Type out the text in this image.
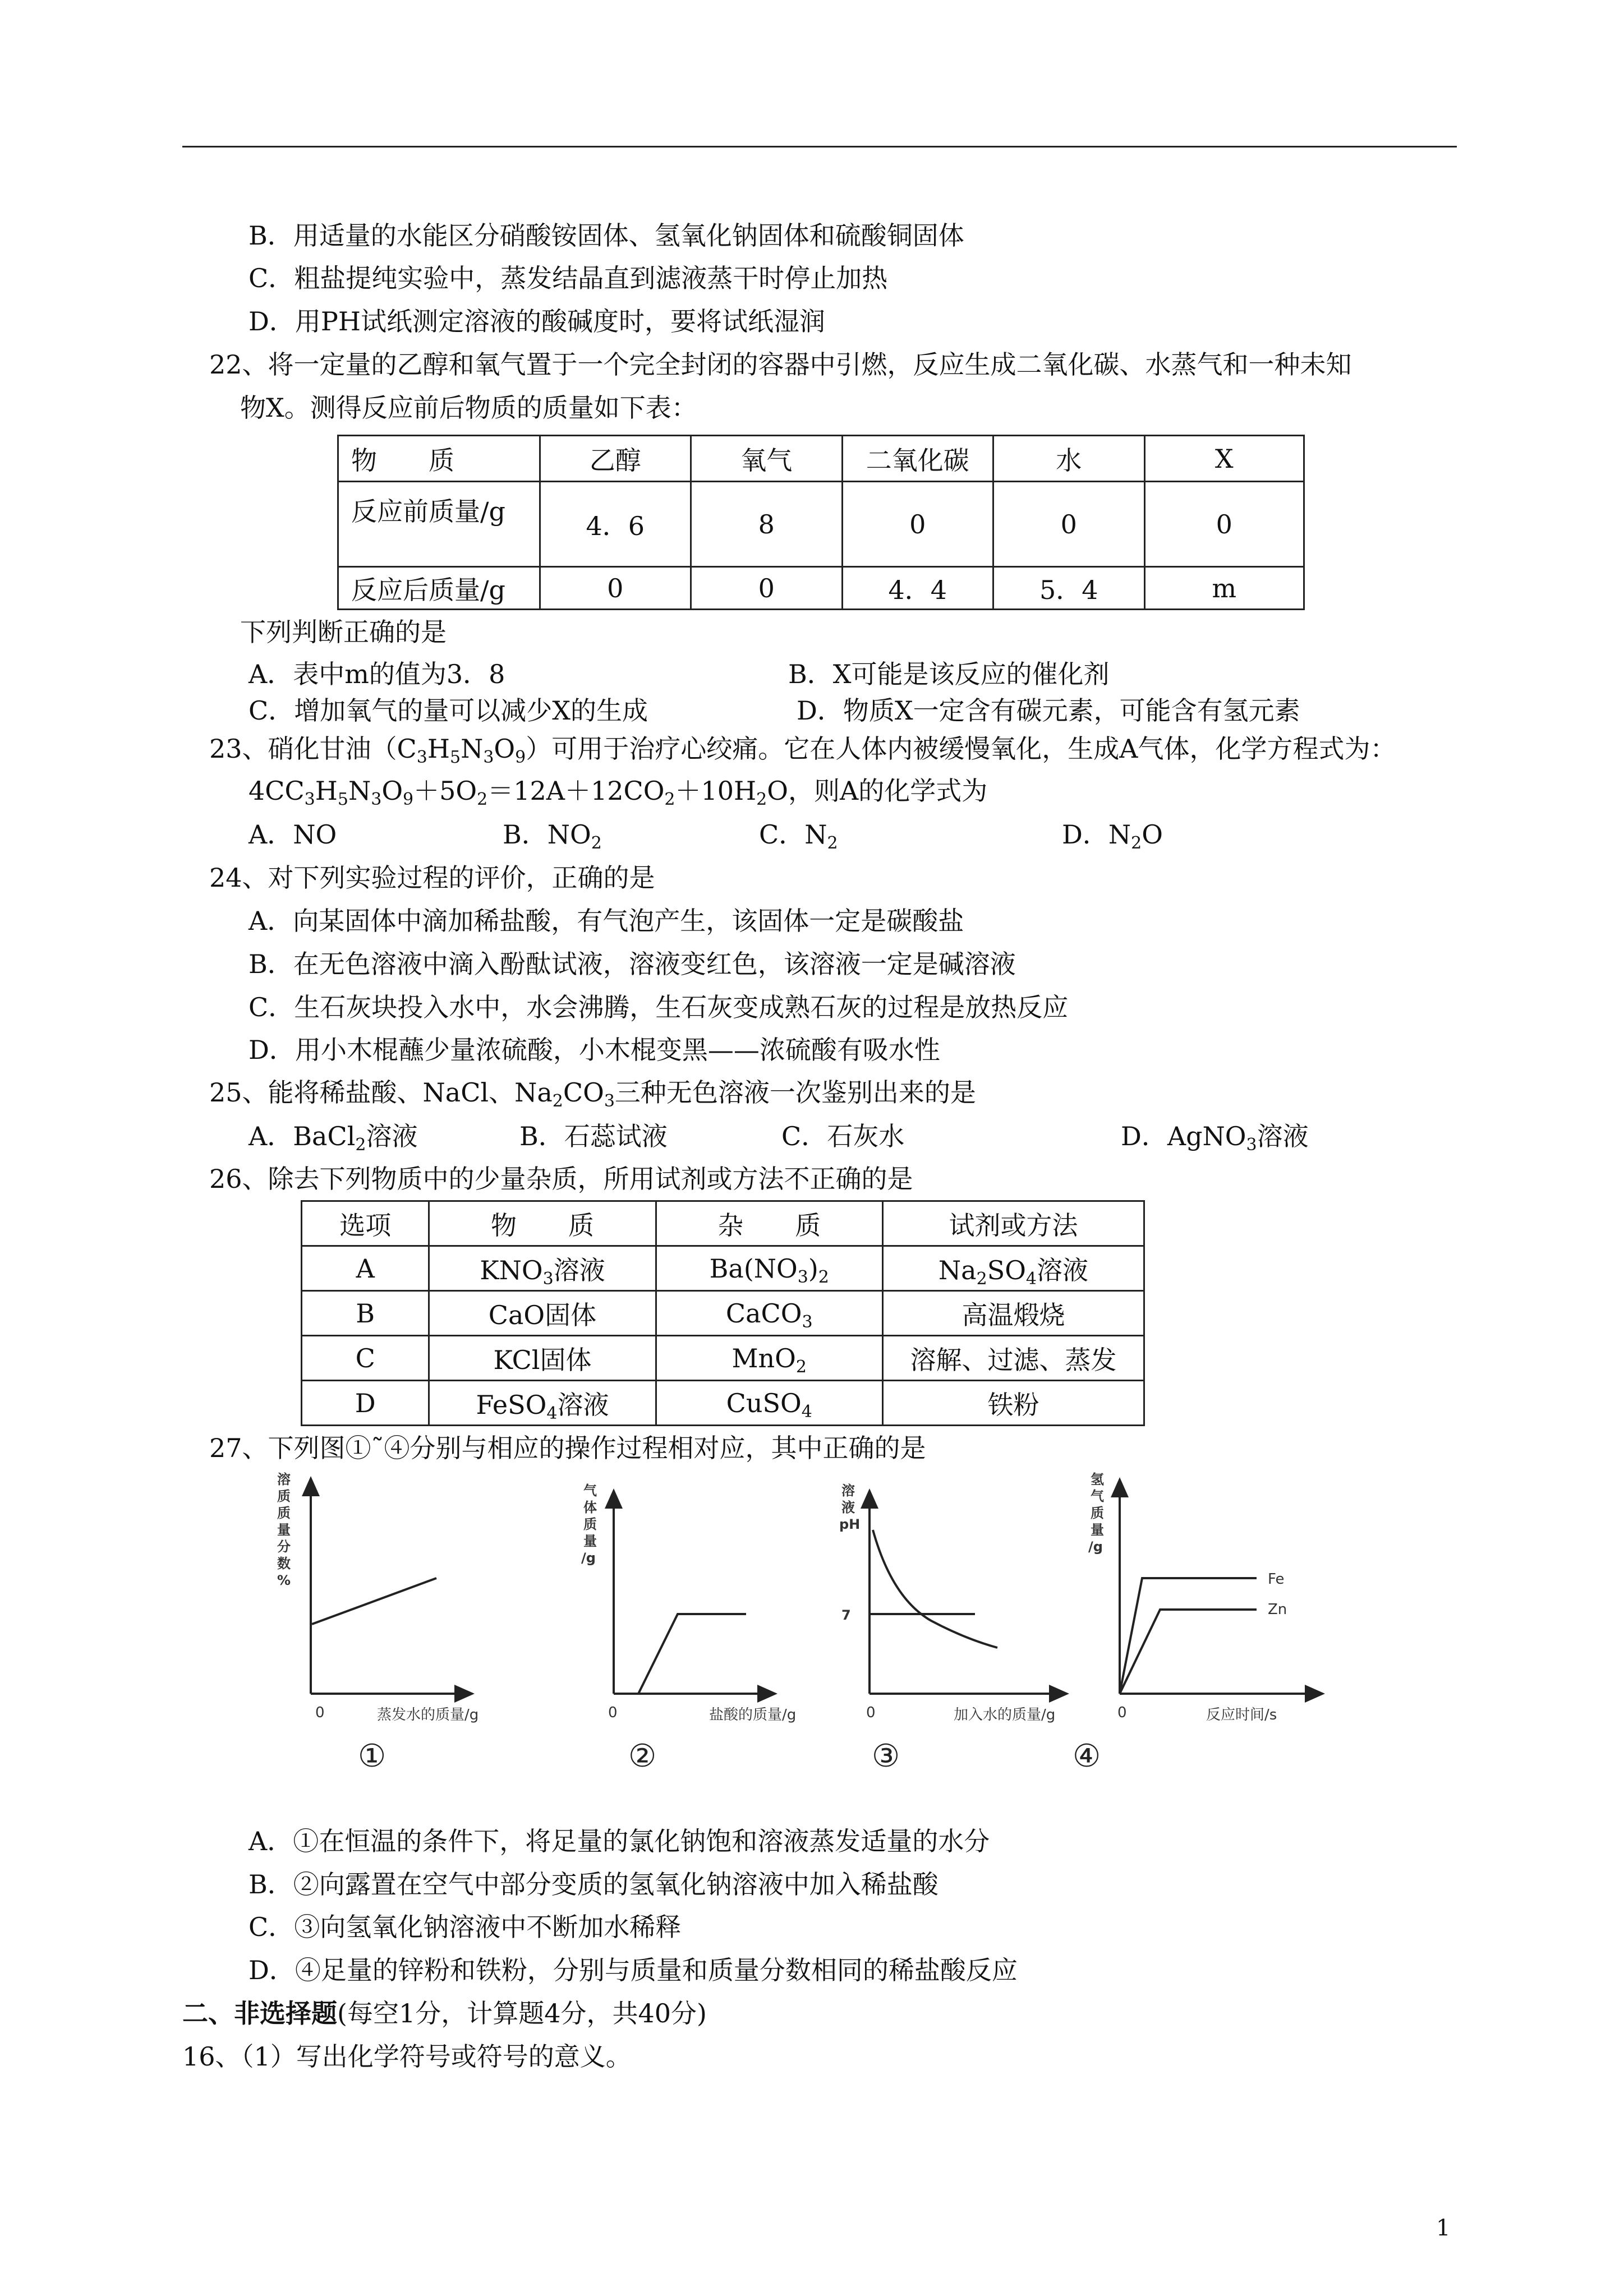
B．用适量的水能区分硝酸铵固体、氢氧化钠固体和硫酸铜固体
C．粗盐提纯实验中，蒸发结晶直到滤液蒸干时停止加热
D．用PH试纸测定溶液的酸碱度时，要将试纸湿润
22、将一定量的乙醇和氧气置于一个完全封闭的容器中引燃，反应生成二氧化碳、水蒸气和一种未知
物X。测得反应前后物质的质量如下表：
物　　质	乙醇	氧气	二氧化碳	水	X
反应前质量/g	4．6	8	0	0	0
反应后质量/g	0	0	4．4	5．4	m
下列判断正确的是
A．表中m的值为3．8	B．X可能是该反应的催化剂
C．增加氧气的量可以减少X的生成	D．物质X一定含有碳元素，可能含有氢元素
23、硝化甘油$(C_3H_5N_3O_9)$可用于治疗心绞痛。它在人体内被缓慢氧化，生成A气体，化学方程式为：
$4CC_3H_5N_3O_9+5O_2=12A+12CO_2+10H_2O$，则A的化学式为
A．NO	B．$NO_2$	C．$N_2$	D．$N_2O$
24、对下列实验过程的评价，正确的是
A．向某固体中滴加稀盐酸，有气泡产生，该固体一定是碳酸盐
B．在无色溶液中滴入酚酞试液，溶液变红色，该溶液一定是碱溶液
C．生石灰块投入水中，水会沸腾，生石灰变成熟石灰的过程是放热反应
D．用小木棍蘸少量浓硫酸，小木棍变黑——浓硫酸有吸水性
25、能将稀盐酸、NaCl、$Na_2CO_3$三种无色溶液一次鉴别出来的是
A．BaCl$_2$溶液	B．石蕊试液	C．石灰水	D．AgNO$_3$溶液
26、除去下列物质中的少量杂质，所用试剂或方法不正确的是
选项	物　　质	杂　　质	试剂或方法
A	$KNO_3$溶液	$Ba(NO_3)_2$	$Na_2SO_4$溶液
B	CaO固体	CaCO$_3$	高温煅烧
C	KCl固体	MnO$_2$	溶解、过滤、蒸发
D	FeSO$_4$溶液	CuSO$_4$	铁粉
27、下列图①˜④分别与相应的操作过程相对应，其中正确的是
溶
质
质
量
分
数
%
0	蒸发水的质量/g
①
气
体
质
量
/g
0	盐酸的质量/g
②
溶
液
pH
7
0	加入水的质量/g
③
氢
气
质
量
/g
Fe
Zn
0	反应时间/s
④
A．①在恒温的条件下，将足量的氯化钠饱和溶液蒸发适量的水分
B．②向露置在空气中部分变质的氢氧化钠溶液中加入稀盐酸
C．③向氢氧化钠溶液中不断加水稀释
D．④足量的锌粉和铁粉，分别与质量和质量分数相同的稀盐酸反应
二、非选择题(每空1分，计算题4分，共40分)
16、（1）写出化学符号或符号的意义。
1
